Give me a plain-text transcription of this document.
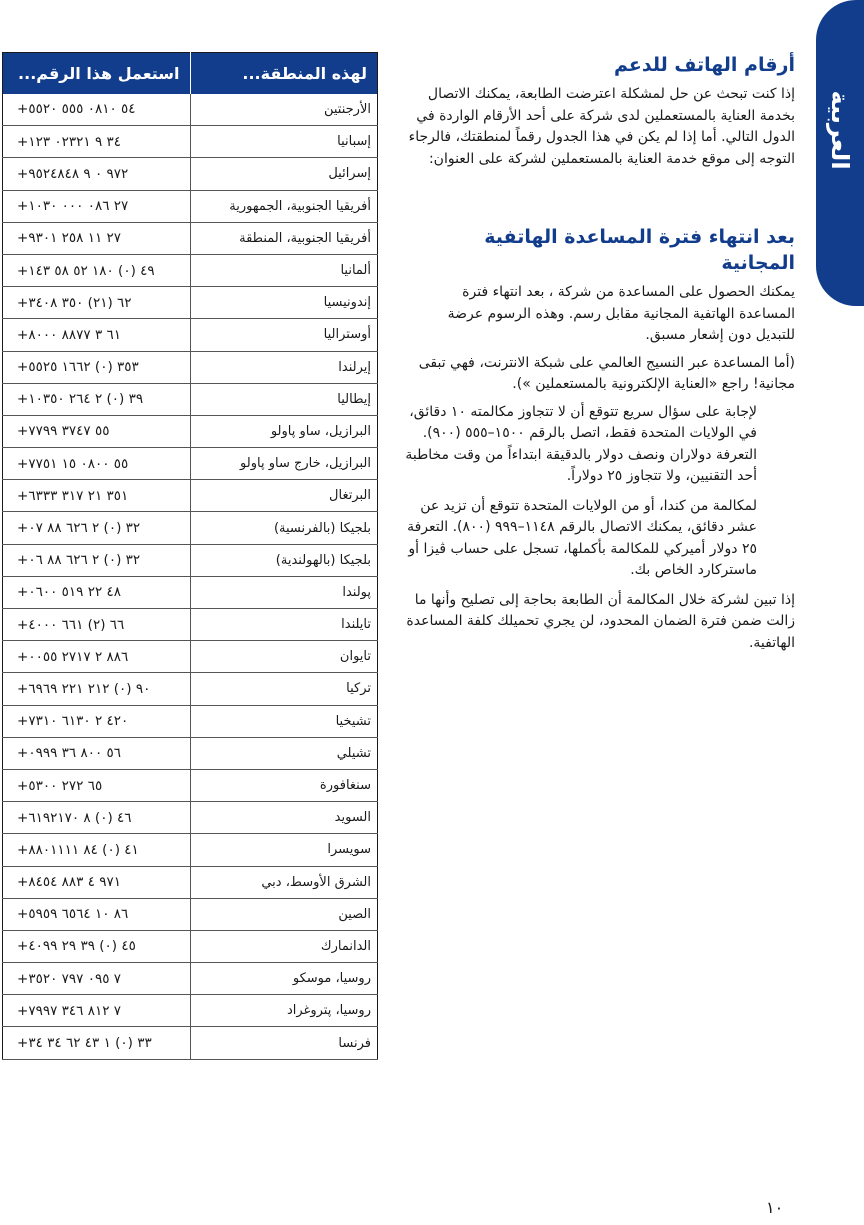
العربية
لهذه المنطقة...	استعمل هذا الرقم...
الأرجنتين	+٥٤ ٠٨١٠ ٥٥٥ ٥٥٢٠
إسبانيا	+٣٤ ٩ ٠٢٣٢١ ١٢٣
إسرائيل	+٩٧٢ ٠ ٩ ٩٥٢٤٨٤٨
أفريقيا الجنوبية، الجمهورية	+٢٧ ٠٨٦ ٠٠٠ ١٠٣٠
أفريقيا الجنوبية، المنطقة	+٢٧ ١١ ٢٥٨ ٩٣٠١
ألمانيا	+٤٩ (٠) ١٨٠ ٥٢ ٥٨ ١٤٣
إندونيسيا	+٦٢ (٢١) ٣٥٠ ٣٤٠٨
أوستراليا	+٦١ ٣ ٨٨٧٧ ٨٠٠٠
إيرلندا	+٣٥٣ (٠) ١٦٦٢ ٥٥٢٥
إيطاليا	+٣٩ (٠) ٢ ٢٦٤ ١٠٣٥٠
البرازيل، ساو پاولو	+٥٥ ٣٧٤٧ ٧٧٩٩
البرازيل، خارج ساو پاولو	+٥٥ ٠٨٠٠ ١٥ ٧٧٥١
البرتغال	+٣٥١ ٢١ ٣١٧ ٦٣٣٣
بلجيكا (بالفرنسية)	+٣٢ (٠) ٢ ٦٢٦ ٨٨ ٠٧
بلجيكا (بالهولندية)	+٣٢ (٠) ٢ ٦٢٦ ٨٨ ٠٦
پولندا	+٤٨ ٢٢ ٥١٩ ٠٦٠٠
تايلندا	+٦٦ (٢) ٦٦١ ٤٠٠٠
تايوان	+٨٨٦ ٢ ٢٧١٧ ٠٠٥٥
تركيا	+٩٠ (٠) ٢١٢ ٢٢١ ٦٩٦٩
تشيخيا	+٤٢٠ ٢ ٦١٣٠ ٧٣١٠
تشيلي	+٥٦ ٨٠٠ ٣٦ ٠٩٩٩
سنغافورة	+٦٥ ٢٧٢ ٥٣٠٠
السويد	+٤٦ (٠) ٨ ٦١٩٢١٧٠
سويسرا	+٤١ (٠) ٨٤ ٨٨٠١١١١
الشرق الأوسط، دبي	+٩٧١ ٤ ٨٨٣ ٨٤٥٤
الصين	+٨٦ ١٠ ٦٥٦٤ ٥٩٥٩
الدانمارك	+٤٥ (٠) ٣٩ ٢٩ ٤٠٩٩
روسيا، موسكو	+٧ ٠٩٥ ٧٩٧ ٣٥٢٠
روسيا، پتروغراد	+٧ ٨١٢ ٣٤٦ ٧٩٩٧
فرنسا	+٣٣ (٠) ١ ٤٣ ٦٢ ٣٤ ٣٤
أرقام الهاتف للدعم

إذا كنت تبحث عن حل لمشكلة اعترضت الطابعة، يمكنك الاتصال بخدمة العناية بالمستعملين لدى شركة على أحد الأرقام الواردة في الدول التالي. أما إذا لم يكن في هذا الجدول رقماً لمنطقتك، فالرجاء التوجه إلى موقع خدمة العناية بالمستعملين لشركة على العنوان:

بعد انتهاء فترة المساعدة الهاتفية المجانية

يمكنك الحصول على المساعدة من شركة ، بعد انتهاء فترة المساعدة الهاتفية المجانية مقابل رسم. وهذه الرسوم عرضة للتبديل دون إشعار مسبق.

(أما المساعدة عبر النسيج العالمي على شبكة الانترنت، فهي تبقى مجانية! راجع «العناية الإلكترونية بالمستعملين »).

لإجابة على سؤال سريع تتوقع أن لا تتجاوز مكالمته ١٠ دقائق، في الولايات المتحدة فقط، اتصل بالرقم ١٥٠٠–٥٥٥ (٩٠٠). التعرفة دولاران ونصف دولار بالدقيقة ابتداءاً من وقت مخاطبة أحد التقنيين، ولا تتجاوز ٢٥ دولاراً.

لمكالمة من كندا، أو من الولايات المتحدة تتوقع أن تزيد عن عشر دقائق، يمكنك الاتصال بالرقم ١١٤٨–٩٩٩ (٨٠٠). التعرفة ٢٥ دولار أميركي للمكالمة بأكملها، تسجل على حساب ڤيزا أو ماستركارد الخاص بك.

إذا تبين لشركة خلال المكالمة أن الطابعة بحاجة إلى تصليح وأنها ما زالت ضمن فترة الضمان المحدود، لن يجري تحميلك كلفة المساعدة الهاتفية.

١٠
